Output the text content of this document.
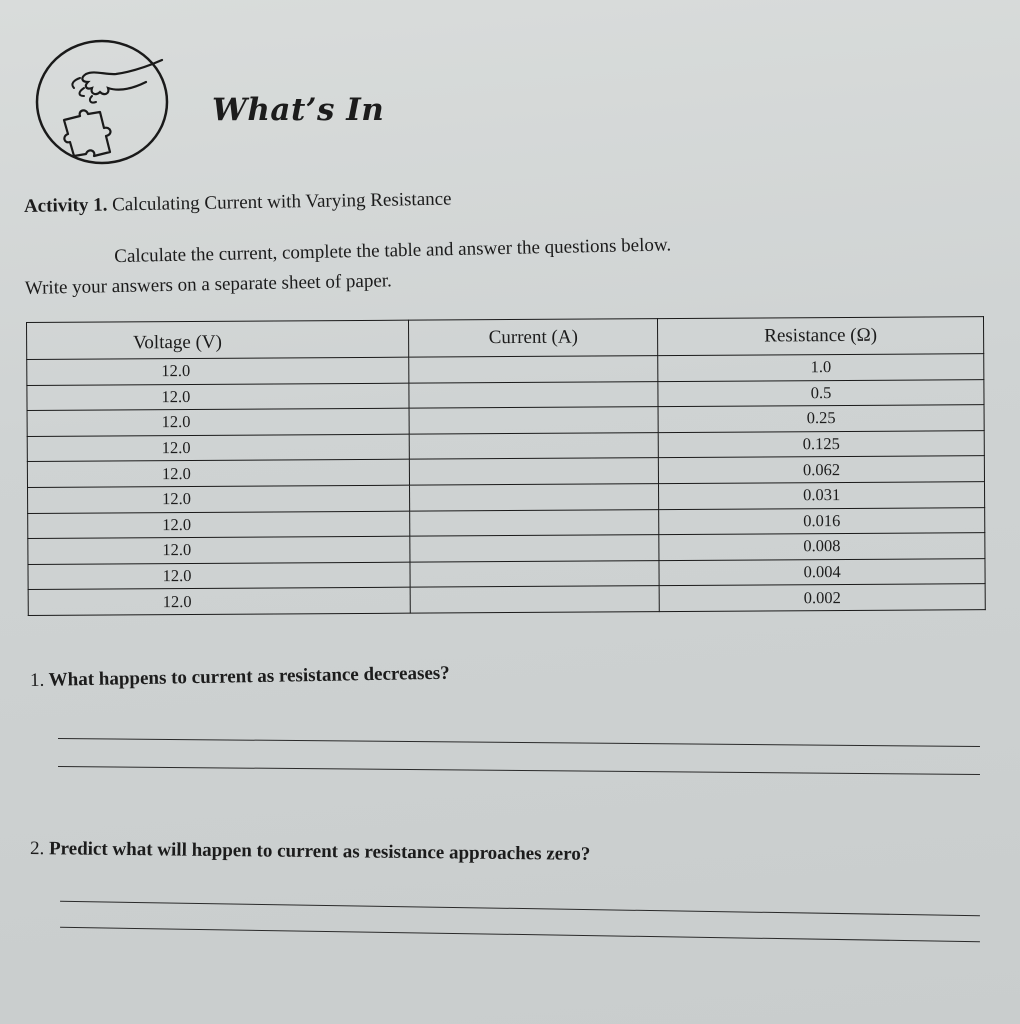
What’s In
Activity 1. Calculating Current with Varying Resistance
Calculate the current, complete the table and answer the questions below.
Write your answers on a separate sheet of paper.
Voltage (V)	Current (A)	Resistance (Ω)
12.0		1.0
12.0		0.5
12.0		0.25
12.0		0.125
12.0		0.062
12.0		0.031
12.0		0.016
12.0		0.008
12.0		0.004
12.0		0.002
1. What happens to current as resistance decreases?
2. Predict what will happen to current as resistance approaches zero?
